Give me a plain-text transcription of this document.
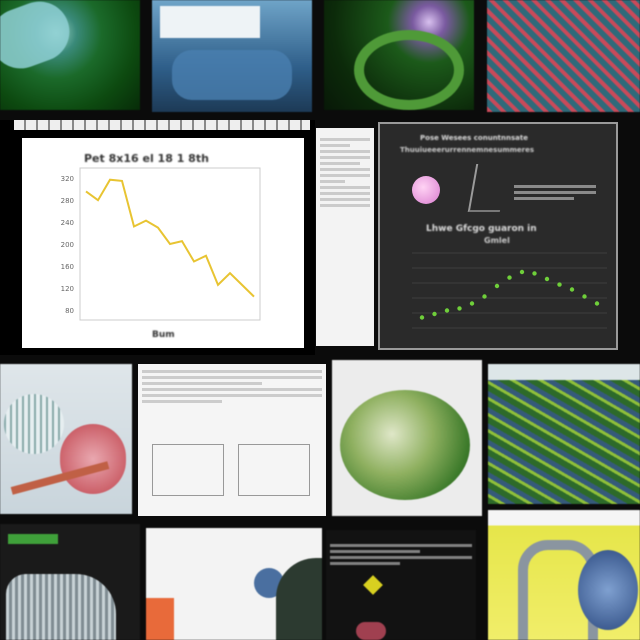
Pet 8x16 el 18 1 8th
320
280
240
200
160
120
80
Bum
Pose Wesees conuntnnsate
Thuuiueeerurrennemnesummeres
Lhwe Gfcgo guaron in
Gmlel
